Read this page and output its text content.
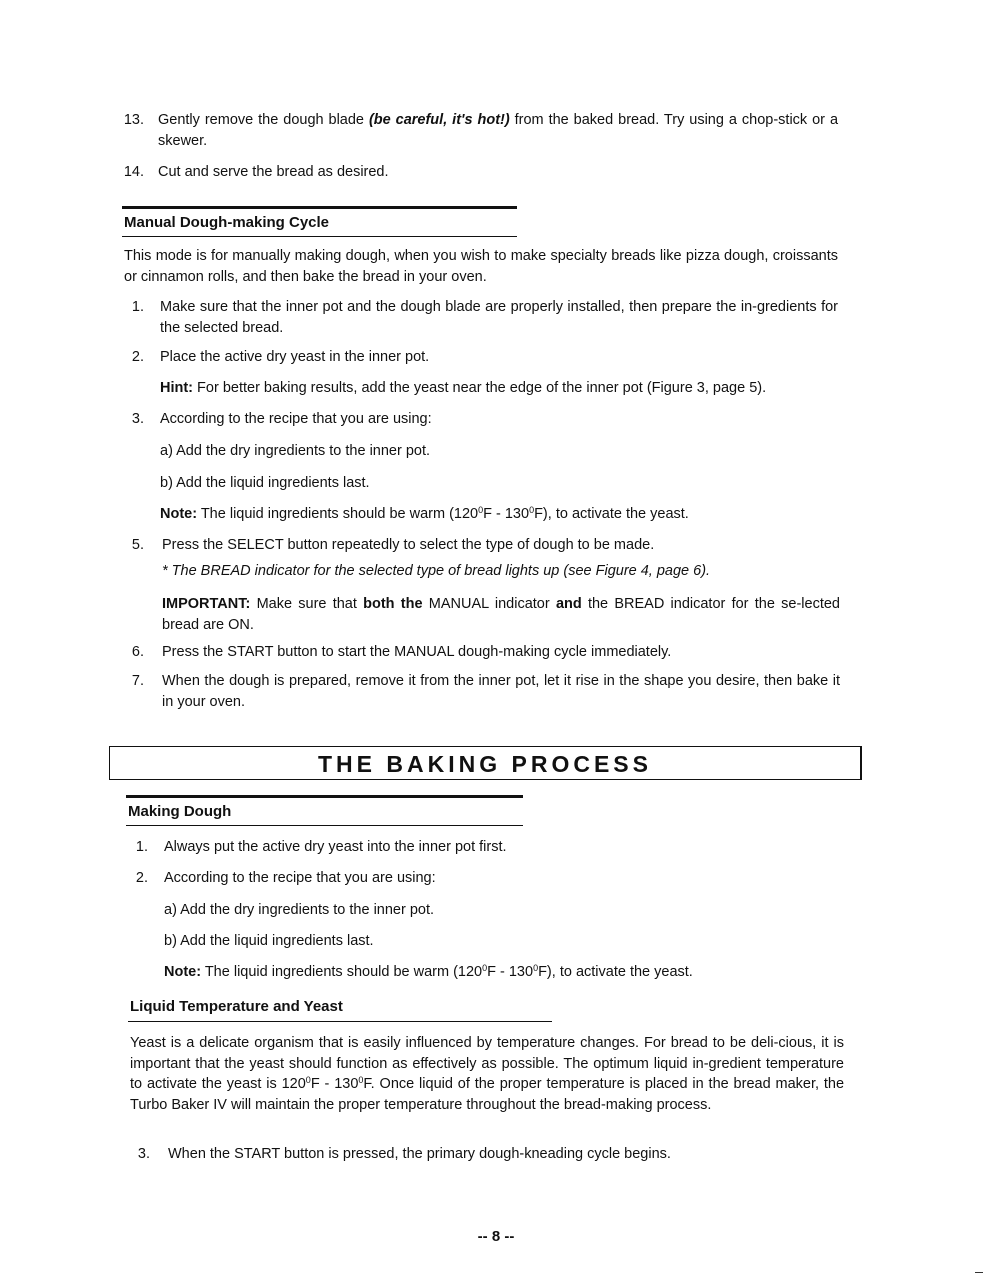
13. Gently remove the dough blade (be careful, it's hot!) from the baked bread. Try using a chop-stick or a skewer.
14. Cut and serve the bread as desired.
Manual Dough-making Cycle
This mode is for manually making dough, when you wish to make specialty breads like pizza dough, croissants or cinnamon rolls, and then bake the bread in your oven.
1. Make sure that the inner pot and the dough blade are properly installed, then prepare the in-gredients for the selected bread.
2. Place the active dry yeast in the inner pot.
Hint: For better baking results, add the yeast near the edge of the inner pot (Figure 3, page 5).
3. According to the recipe that you are using:
a) Add the dry ingredients to the inner pot.
b) Add the liquid ingredients last.
Note: The liquid ingredients should be warm $(120^0F - 130^0F)$, to activate the yeast.
5. Press the SELECT button repeatedly to select the type of dough to be made.
* The BREAD indicator for the selected type of bread lights up (see Figure 4, page 6).
IMPORTANT: Make sure that both the MANUAL indicator and the BREAD indicator for the se-lected bread are ON.
6. Press the START button to start the MANUAL dough-making cycle immediately.
7. When the dough is prepared, remove it from the inner pot, let it rise in the shape you desire, then bake it in your oven.
THE BAKING PROCESS
Making Dough
1. Always put the active dry yeast into the inner pot first.
2. According to the recipe that you are using:
a) Add the dry ingredients to the inner pot.
b) Add the liquid ingredients last.
Note: The liquid ingredients should be warm $(120^0F - 130^0F)$, to activate the yeast.
Liquid Temperature and Yeast
Yeast is a delicate organism that is easily influenced by temperature changes. For bread to be deli-cious, it is important that the yeast should function as effectively as possible. The optimum liquid in-gredient temperature to activate the yeast is $120^0F - 130^0F$. Once liquid of the proper temperature is placed in the bread maker, the Turbo Baker IV will maintain the proper temperature throughout the bread-making process.
3. When the START button is pressed, the primary dough-kneading cycle begins.
-- 8 --
